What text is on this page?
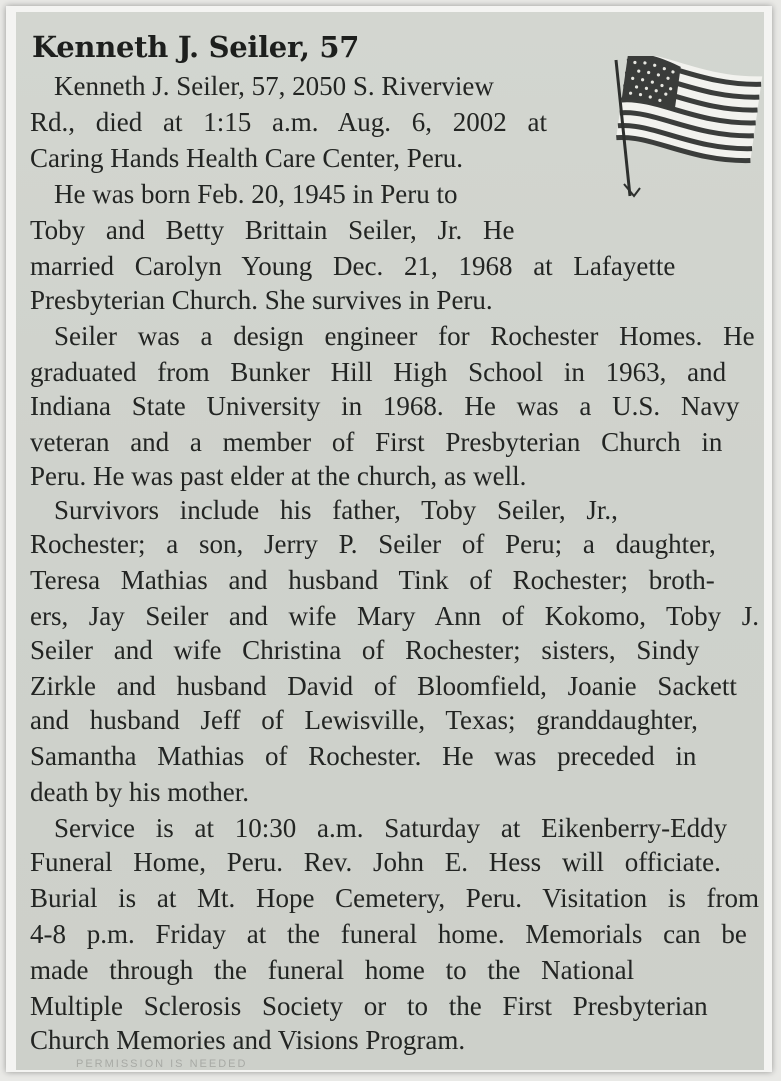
Kenneth J. Seiler, 57

Kenneth J. Seiler, 57, 2050 S. Riverview

Rd., died at 1:15 a.m. Aug. 6, 2002 at

Caring Hands Health Care Center, Peru.

He was born Feb. 20, 1945 in Peru to

Toby and Betty Brittain Seiler, Jr. He

married Carolyn Young Dec. 21, 1968 at Lafayette

Presbyterian Church. She survives in Peru.

Seiler was a design engineer for Rochester Homes. He

graduated from Bunker Hill High School in 1963, and

Indiana State University in 1968. He was a U.S. Navy

veteran and a member of First Presbyterian Church in

Peru. He was past elder at the church, as well.

Survivors include his father, Toby Seiler, Jr.,

Rochester; a son, Jerry P. Seiler of Peru; a daughter,

Teresa Mathias and husband Tink of Rochester; broth-

ers, Jay Seiler and wife Mary Ann of Kokomo, Toby J.

Seiler and wife Christina of Rochester; sisters, Sindy

Zirkle and husband David of Bloomfield, Joanie Sackett

and husband Jeff of Lewisville, Texas; granddaughter,

Samantha Mathias of Rochester. He was preceded in

death by his mother.

Service is at 10:30 a.m. Saturday at Eikenberry-Eddy

Funeral Home, Peru. Rev. John E. Hess will officiate.

Burial is at Mt. Hope Cemetery, Peru. Visitation is from

4-8 p.m. Friday at the funeral home. Memorials can be

made through the funeral home to the National

Multiple Sclerosis Society or to the First Presbyterian

Church Memories and Visions Program.

PERMISSION IS NEEDED
